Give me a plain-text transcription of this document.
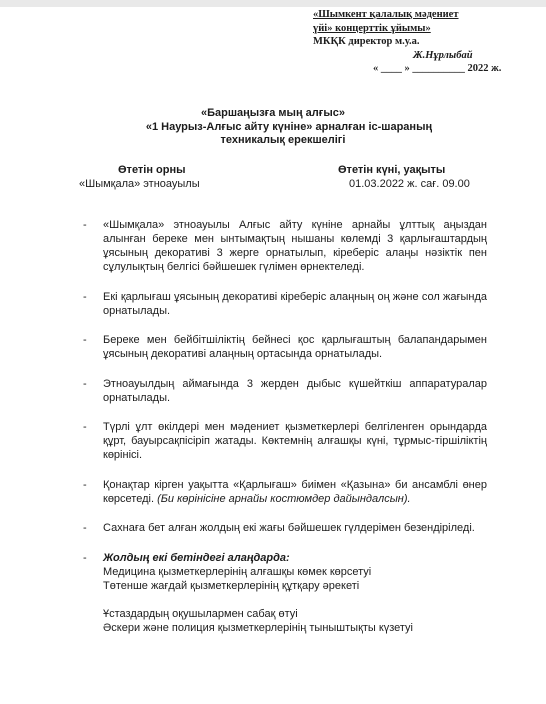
«Шымкент қалалық мәдениет
үйі» концерттік ұйымы»
МКҚК директор м.у.а.
Ж.Нұрлыбай
« ____ » __________ 2022 ж.
«Баршаңызға мың алғыс»
«1 Наурыз-Алғыс айту күніне» арналған іс-шараның
техникалық ерекшелігі
Өтетін орны
«Шымқала» этноауылы
Өтетін күні, уақыты
01.03.2022 ж. сағ. 09.00
- «Шымқала» этноауылы Алғыс айту күніне арнайы ұлттық аңыздан алынған береке мен ынтымақтың нышаны көлемді 3 қарлығаштардың ұясының декоративі 3 жерге орнатылып, кіреберіс алаңы нәзіктік пен сұлулықтың белгісі бәйшешек гүлімен өрнектеледі.
- Екі қарлығаш ұясының декоративі кіреберіс алаңның оң және сол жағында орнатылады.
- Береке мен бейбітшіліктің бейнесі қос қарлығаштың балапандарымен ұясының декоративі алаңның ортасында орнатылады.
- Этноауылдың аймағында 3 жерден дыбыс күшейткіш аппаратуралар орнатылады.
- Түрлі ұлт өкілдері мен мәдениет қызметкерлері белгіленген орындарда құрт, бауырсақпісіріп жатады. Көктемнің алғашқы күні, тұрмыс-тіршіліктің көрінісі.
- Қонақтар кірген уақытта «Қарлығаш» биімен «Қазына» би ансамблі өнер көрсетеді. (Би көрінісіне арнайы костюмдер дайындалсын).
- Сахнаға бет алған жолдың екі жағы бәйшешек гүлдерімен безендіріледі.
- Жолдың екі бетіндегі алаңдарда:
Медицина қызметкерлерінің алғашқы көмек көрсетуі
Төтенше жағдай қызметкерлерінің құтқару әрекеті
Ұстаздардың оқушылармен сабақ өтуі
Әскери және полиция қызметкерлерінің тыныштықты күзетуі
